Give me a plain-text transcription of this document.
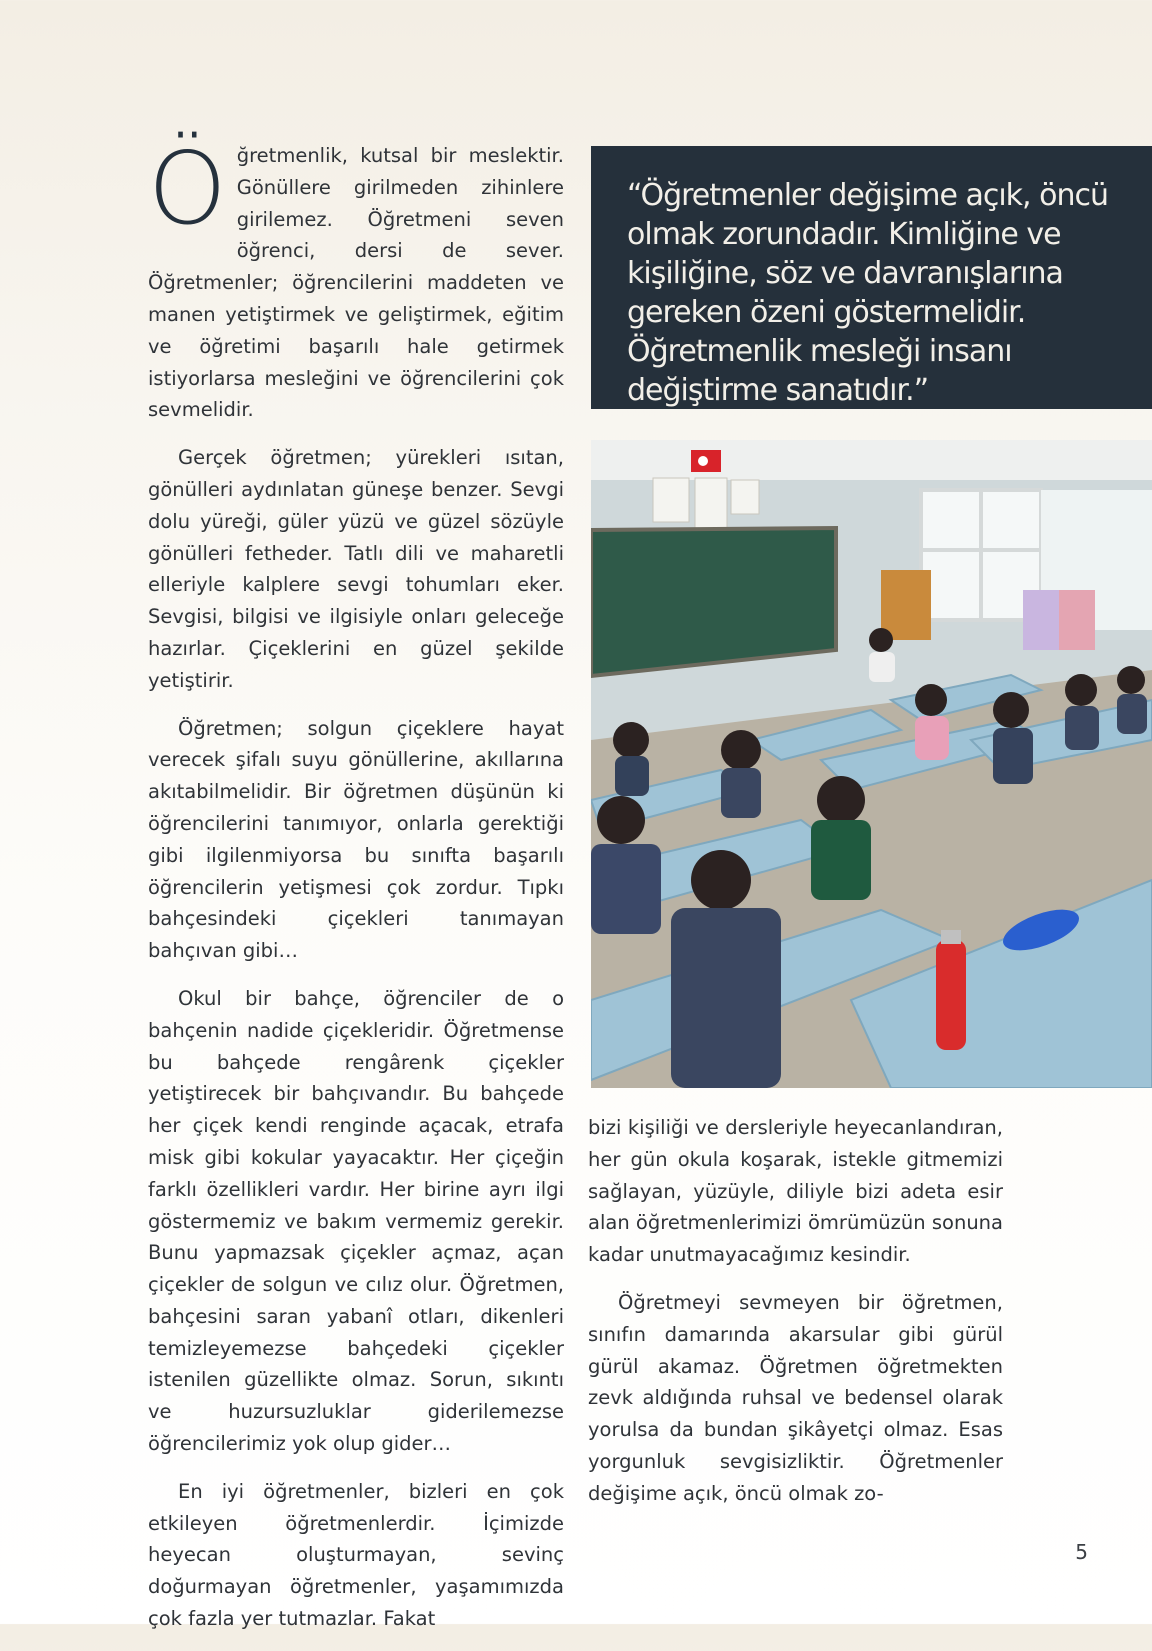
Öğretmenlik, kutsal bir meslektir. Gönüllere girilmeden zihinlere girilemez. Öğretmeni seven öğrenci, dersi de sever. Öğretmenler; öğrencilerini maddeten ve manen yetiştirmek ve geliştirmek, eğitim ve öğretimi başarılı hale getirmek istiyorlarsa mesleğini ve öğrencilerini çok sevmelidir.

Gerçek öğretmen; yürekleri ısıtan, gönülleri aydınlatan güneşe benzer. Sevgi dolu yüreği, güler yüzü ve güzel sözüyle gönülleri fetheder. Tatlı dili ve maharetli elleriyle kalplere sevgi tohumları eker. Sevgisi, bilgisi ve ilgisiyle onları geleceğe hazırlar. Çiçeklerini en güzel şekilde yetiştirir.

Öğretmen; solgun çiçeklere hayat verecek şifalı suyu gönüllerine, akıllarına akıtabilmelidir. Bir öğretmen düşünün ki öğrencilerini tanımıyor, onlarla gerektiği gibi ilgilenmiyorsa bu sınıfta başarılı öğrencilerin yetişmesi çok zordur. Tıpkı bahçesindeki çiçekleri tanımayan bahçıvan gibi…

Okul bir bahçe, öğrenciler de o bahçenin nadide çiçekleridir. Öğretmense bu bahçede rengârenk çiçekler yetiştirecek bir bahçıvandır. Bu bahçede her çiçek kendi renginde açacak, etrafa misk gibi kokular yayacaktır. Her çiçeğin farklı özellikleri vardır. Her birine ayrı ilgi göstermemiz ve bakım vermemiz gerekir. Bunu yapmazsak çiçekler açmaz, açan çiçekler de solgun ve cılız olur. Öğretmen, bahçesini saran yabanî otları, dikenleri temizleyemezse bahçedeki çiçekler istenilen güzellikte olmaz. Sorun, sıkıntı ve huzursuzluklar giderilemezse öğrencilerimiz yok olup gider…

En iyi öğretmenler, bizleri en çok etkileyen öğretmenlerdir. İçimizde heyecan oluşturmayan, sevinç doğurmayan öğretmenler, yaşamımızda çok fazla yer tutmazlar. Fakat

“Öğretmenler değişime açık, öncü olmak zorundadır. Kimliğine ve kişiliğine, söz ve davranışlarına gereken özeni göstermelidir. Öğretmenlik mesleği insanı değiştirme sanatıdır.”

bizi kişiliği ve dersleriyle heyecanlandıran, her gün okula koşarak, istekle gitmemizi sağlayan, yüzüyle, diliyle bizi adeta esir alan öğretmenlerimizi ömrümüzün sonuna kadar unutmayacağımız kesindir.

Öğretmeyi sevmeyen bir öğretmen, sınıfın damarında akarsular gibi gürül gürül akamaz. Öğretmen öğretmekten zevk aldığında ruhsal ve bedensel olarak yorulsa da bundan şikâyetçi olmaz. Esas yorgunluk sevgisizliktir. Öğretmenler değişime açık, öncü olmak zo-

5
